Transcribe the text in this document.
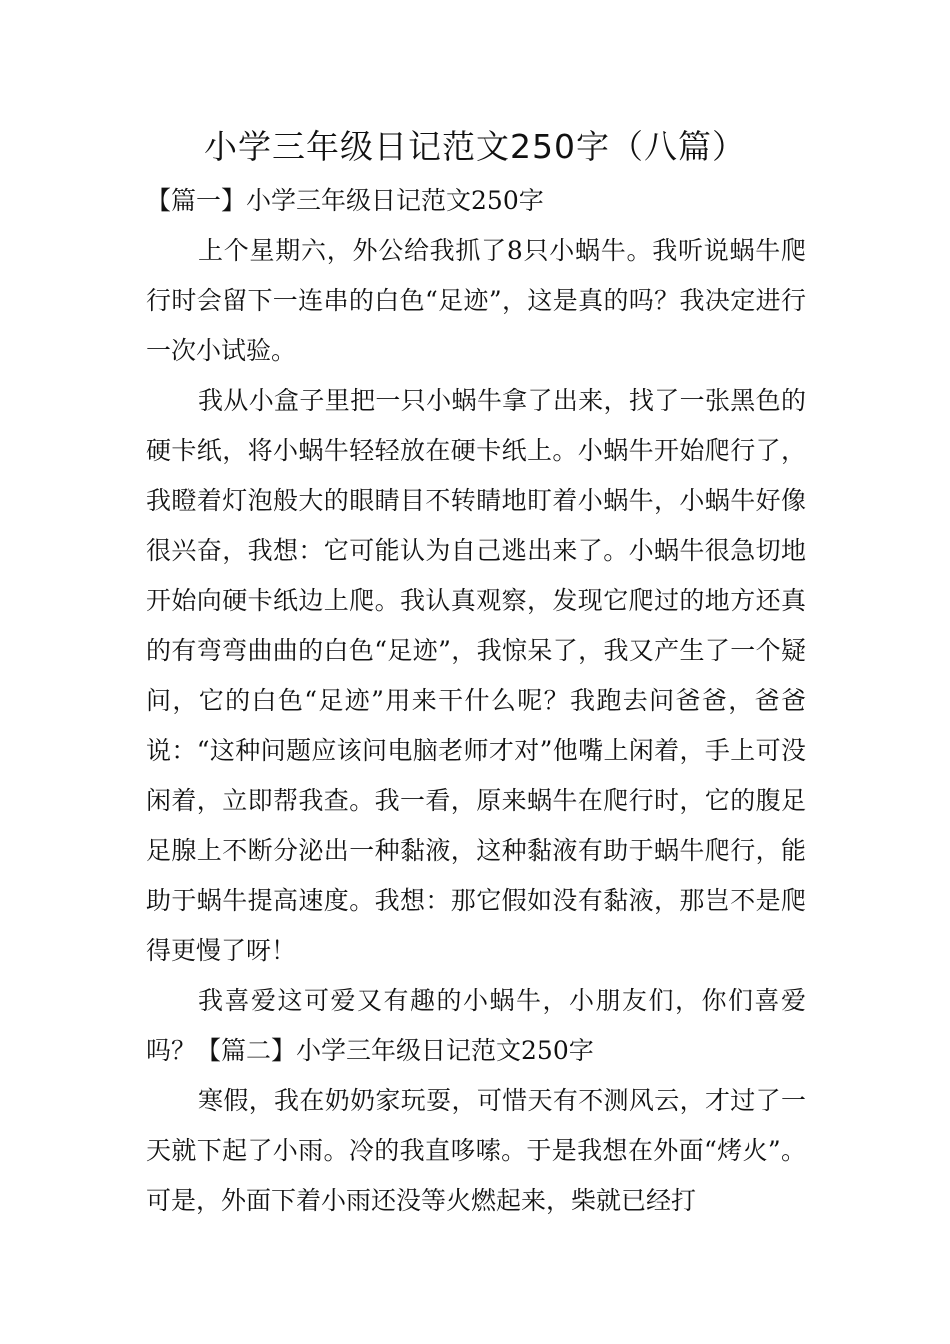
小学三年级日记范文250字（八篇）
【篇一】小学三年级日记范文250字

上个星期六，外公给我抓了8只小蜗牛。我听说蜗牛爬行时会留下一连串的白色“足迹”，这是真的吗？我决定进行一次小试验。

我从小盒子里把一只小蜗牛拿了出来，找了一张黑色的硬卡纸，将小蜗牛轻轻放在硬卡纸上。小蜗牛开始爬行了，我瞪着灯泡般大的眼睛目不转睛地盯着小蜗牛，小蜗牛好像很兴奋，我想：它可能认为自己逃出来了。小蜗牛很急切地开始向硬卡纸边上爬。我认真观察，发现它爬过的地方还真的有弯弯曲曲的白色“足迹”，我惊呆了，我又产生了一个疑问，它的白色“足迹”用来干什么呢？我跑去问爸爸，爸爸说：“这种问题应该问电脑老师才对”他嘴上闲着，手上可没闲着，立即帮我查。我一看，原来蜗牛在爬行时，它的腹足足腺上不断分泌出一种黏液，这种黏液有助于蜗牛爬行，能助于蜗牛提高速度。我想：那它假如没有黏液，那岂不是爬得更慢了呀！

我喜爱这可爱又有趣的小蜗牛，小朋友们，你们喜爱吗？【篇二】小学三年级日记范文250字

寒假，我在奶奶家玩耍，可惜天有不测风云，才过了一天就下起了小雨。冷的我直哆嗦。于是我想在外面“烤火”。可是，外面下着小雨还没等火燃起来，柴就已经打
